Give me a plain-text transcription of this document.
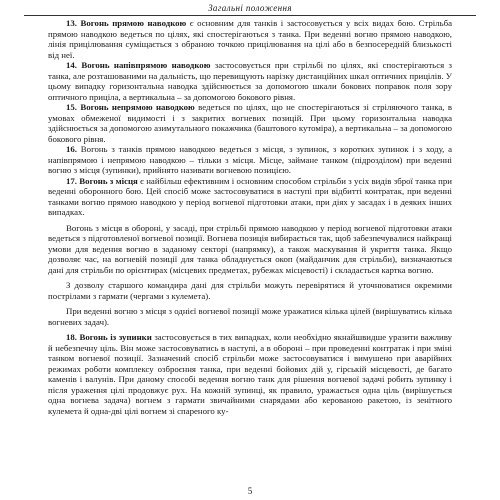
Загальні положення

13. Вогонь прямою наводкою є основним для танків і застосовується у всіх видах бою. Стрільба прямою наводкою ведеться по цілях, які спостерігаються з танка. При веденні вогню прямою наводкою, лінія прицілювання суміщається з обраною точкою прицілювання на цілі або в безпосередній близькості від неї.

14. Вогонь напівпрямою наводкою застосовується при стрільбі по цілях, які спостерігаються з танка, але розташованими на дальність, що перевищують нарізку дистанційних шкал оптичних прицілів. У цьому випадку горизонтальна наводка здійснюється за допомогою шкали бокових поправок поля зору оптичного приціла, а вертикальна – за допомогою бокового рівня.

15. Вогонь непрямою наводкою ведеться по цілях, що не спостерігаються зі стріляючого танка, в умовах обмеженої видимості і з закритих вогневих позицій. При цьому горизонтальна наводка здійснюється за допомогою азимутального покажчика (баштового кутоміра), а вертикальна – за допомогою бокового рівня.

16. Вогонь з танків прямою наводкою ведеться з місця, з зупинок, з коротких зупинок і з ходу, а напівпрямою і непрямою наводкою – тільки з місця. Місце, займане танком (підрозділом) при веденні вогню з місця (зупинки), прийнято називати вогневою позицією.

17. Вогонь з місця є найбільш ефективним і основним способом стрільби з усіх видів зброї танка при веденні оборонного бою. Цей спосіб може застосовуватися в наступі при відбитті контратак, при веденні танками вогню прямою наводкою у період вогневої підготовки атаки, при діях у засадах і в деяких інших випадках.

Вогонь з місця в обороні, у засаді, при стрільбі прямою наводкою у період вогневої підготовки атаки ведеться з підготовленої вогневої позиції. Вогнева позиція вибирається так, щоб забезпечувалися найкращі умови для ведення вогню в заданому секторі (напрямку), а також маскування й укриття танка. Якщо дозволяє час, на вогневій позиції для танка обладнується окоп (майданчик для стрільби), визначаються дані для стрільби по орієнтирах (місцевих предметах, рубежах місцевості) і складається картка вогню.

З дозволу старшого командира дані для стрільби можуть перевірятися й уточнюватися окремими пострілами з гармати (чергами з кулемета).

При веденні вогню з місця з однієї вогневої позиції може уражатися кілька цілей (вирішуватись кілька вогневих задач).

18. Вогонь із зупинки застосовується в тих випадках, коли необхідно якнайшвидше уразити важливу й небезпечну ціль. Він може застосовуватись в наступі, а в обороні – при проведенні контратак і при зміні танком вогневої позиції. Зазначений спосіб стрільби може застосовуватися і вимушено при аварійних режимах роботи комплексу озброєння танка, при веденні бойових дій у, гірській місцевості, де багато каменів і валунів. При даному способі ведення вогню танк для рішення вогневої задачі робить зупинку і після ураження цілі продовжує рух. На кожній зупинці, як правило, уражається одна ціль (вирішується одна вогнева задача) вогнем з гармати звичайними снарядами або керованою ракетою, із зенітного кулемета й одна-дві цілі вогнем зі спареного ку-

5
